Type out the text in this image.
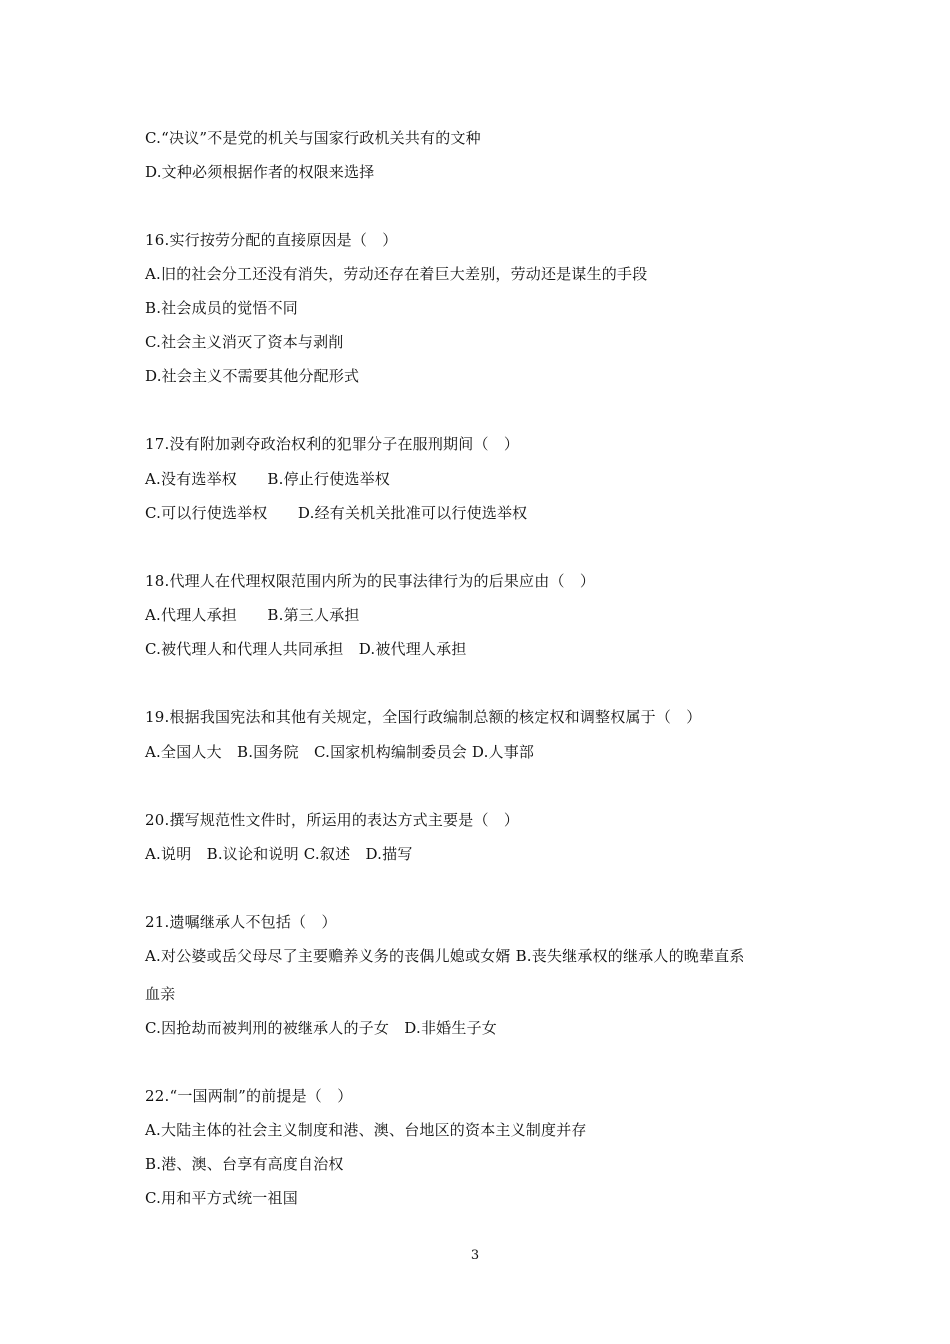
C.“决议”不是党的机关与国家行政机关共有的文种
D.文种必须根据作者的权限来选择
16.实行按劳分配的直接原因是（　）
A.旧的社会分工还没有消失，劳动还存在着巨大差别，劳动还是谋生的手段
B.社会成员的觉悟不同
C.社会主义消灭了资本与剥削
D.社会主义不需要其他分配形式
17.没有附加剥夺政治权利的犯罪分子在服刑期间（　）
A.没有选举权　　B.停止行使选举权
C.可以行使选举权　　D.经有关机关批准可以行使选举权
18.代理人在代理权限范围内所为的民事法律行为的后果应由（　）
A.代理人承担　　B.第三人承担
C.被代理人和代理人共同承担　D.被代理人承担
19.根据我国宪法和其他有关规定，全国行政编制总额的核定权和调整权属于（　）
A.全国人大　B.国务院　C.国家机构编制委员会 D.人事部
20.撰写规范性文件时，所运用的表达方式主要是（　）
A.说明　B.议论和说明 C.叙述　D.描写
21.遗嘱继承人不包括（　）
A.对公婆或岳父母尽了主要赡养义务的丧偶儿媳或女婿 B.丧失继承权的继承人的晚辈直系
血亲
C.因抢劫而被判刑的被继承人的子女　D.非婚生子女
22.“一国两制”的前提是（　）
A.大陆主体的社会主义制度和港、澳、台地区的资本主义制度并存
B.港、澳、台享有高度自治权
C.用和平方式统一祖国
3
